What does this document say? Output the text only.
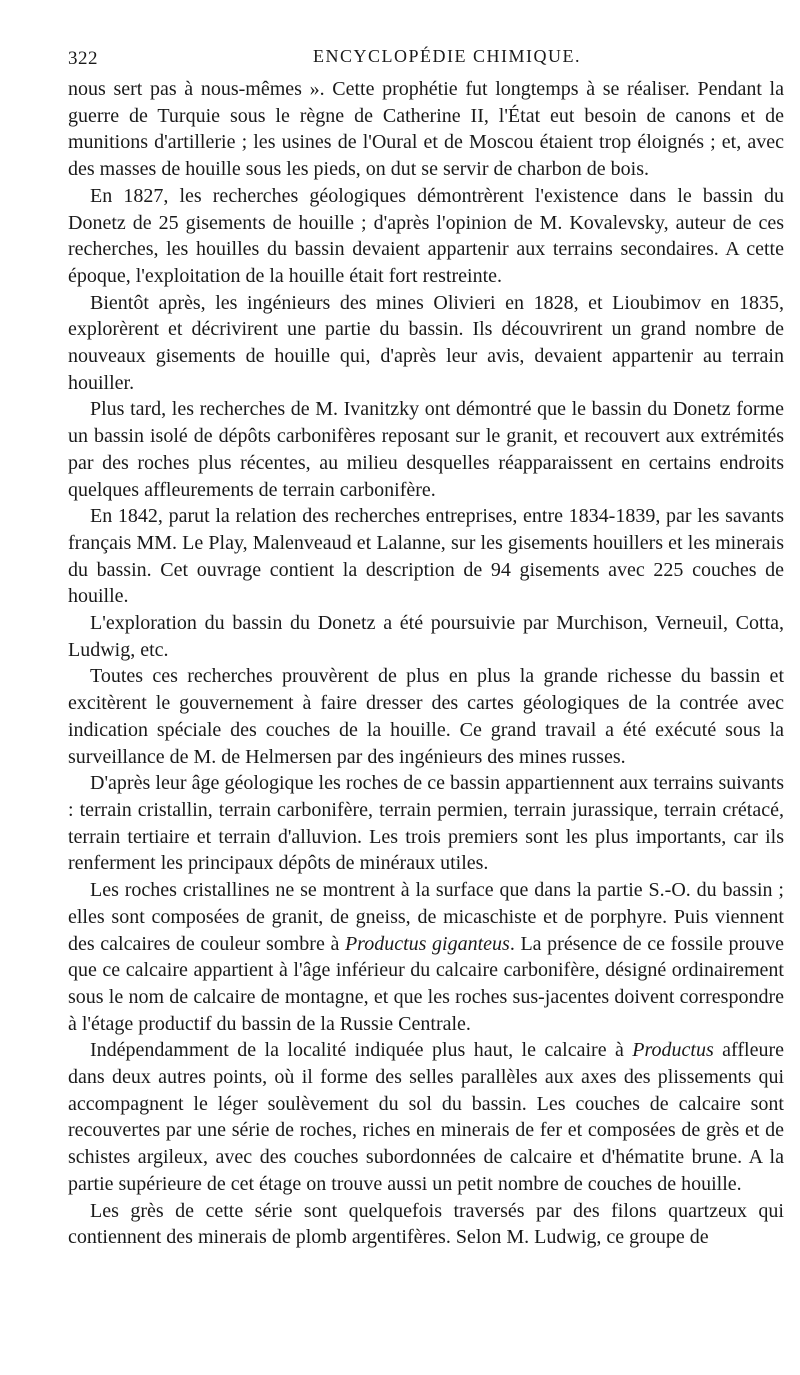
322	ENCYCLOPÉDIE CHIMIQUE.

nous sert pas à nous-mêmes ». Cette prophétie fut longtemps à se réaliser. Pendant la guerre de Turquie sous le règne de Catherine II, l'État eut besoin de canons et de munitions d'artillerie ; les usines de l'Oural et de Moscou étaient trop éloignés ; et, avec des masses de houille sous les pieds, on dut se servir de charbon de bois.

En 1827, les recherches géologiques démontrèrent l'existence dans le bassin du Donetz de 25 gisements de houille ; d'après l'opinion de M. Kovalevsky, auteur de ces recherches, les houilles du bassin devaient appartenir aux terrains secondaires. A cette époque, l'exploitation de la houille était fort restreinte.

Bientôt après, les ingénieurs des mines Olivieri en 1828, et Lioubimov en 1835, explorèrent et décrivirent une partie du bassin. Ils découvrirent un grand nombre de nouveaux gisements de houille qui, d'après leur avis, devaient appartenir au terrain houiller.

Plus tard, les recherches de M. Ivanitzky ont démontré que le bassin du Donetz forme un bassin isolé de dépôts carbonifères reposant sur le granit, et recouvert aux extrémités par des roches plus récentes, au milieu desquelles réapparaissent en certains endroits quelques affleurements de terrain carbonifère.

En 1842, parut la relation des recherches entreprises, entre 1834-1839, par les savants français MM. Le Play, Malenveaud et Lalanne, sur les gisements houillers et les minerais du bassin. Cet ouvrage contient la description de 94 gisements avec 225 couches de houille.

L'exploration du bassin du Donetz a été poursuivie par Murchison, Verneuil, Cotta, Ludwig, etc.

Toutes ces recherches prouvèrent de plus en plus la grande richesse du bassin et excitèrent le gouvernement à faire dresser des cartes géologiques de la contrée avec indication spéciale des couches de la houille. Ce grand travail a été exécuté sous la surveillance de M. de Helmersen par des ingénieurs des mines russes.

D'après leur âge géologique les roches de ce bassin appartiennent aux terrains suivants : terrain cristallin, terrain carbonifère, terrain permien, terrain jurassique, terrain crétacé, terrain tertiaire et terrain d'alluvion. Les trois premiers sont les plus importants, car ils renferment les principaux dépôts de minéraux utiles.

Les roches cristallines ne se montrent à la surface que dans la partie S.-O. du bassin ; elles sont composées de granit, de gneiss, de micaschiste et de porphyre. Puis viennent des calcaires de couleur sombre à Productus giganteus. La présence de ce fossile prouve que ce calcaire appartient à l'âge inférieur du calcaire carbonifère, désigné ordinairement sous le nom de calcaire de montagne, et que les roches sus-jacentes doivent correspondre à l'étage productif du bassin de la Russie Centrale.

Indépendamment de la localité indiquée plus haut, le calcaire à Productus affleure dans deux autres points, où il forme des selles parallèles aux axes des plissements qui accompagnent le léger soulèvement du sol du bassin. Les couches de calcaire sont recouvertes par une série de roches, riches en minerais de fer et composées de grès et de schistes argileux, avec des couches subordonnées de calcaire et d'hématite brune. A la partie supérieure de cet étage on trouve aussi un petit nombre de couches de houille.

Les grès de cette série sont quelquefois traversés par des filons quartzeux qui contiennent des minerais de plomb argentifères. Selon M. Ludwig, ce groupe de
